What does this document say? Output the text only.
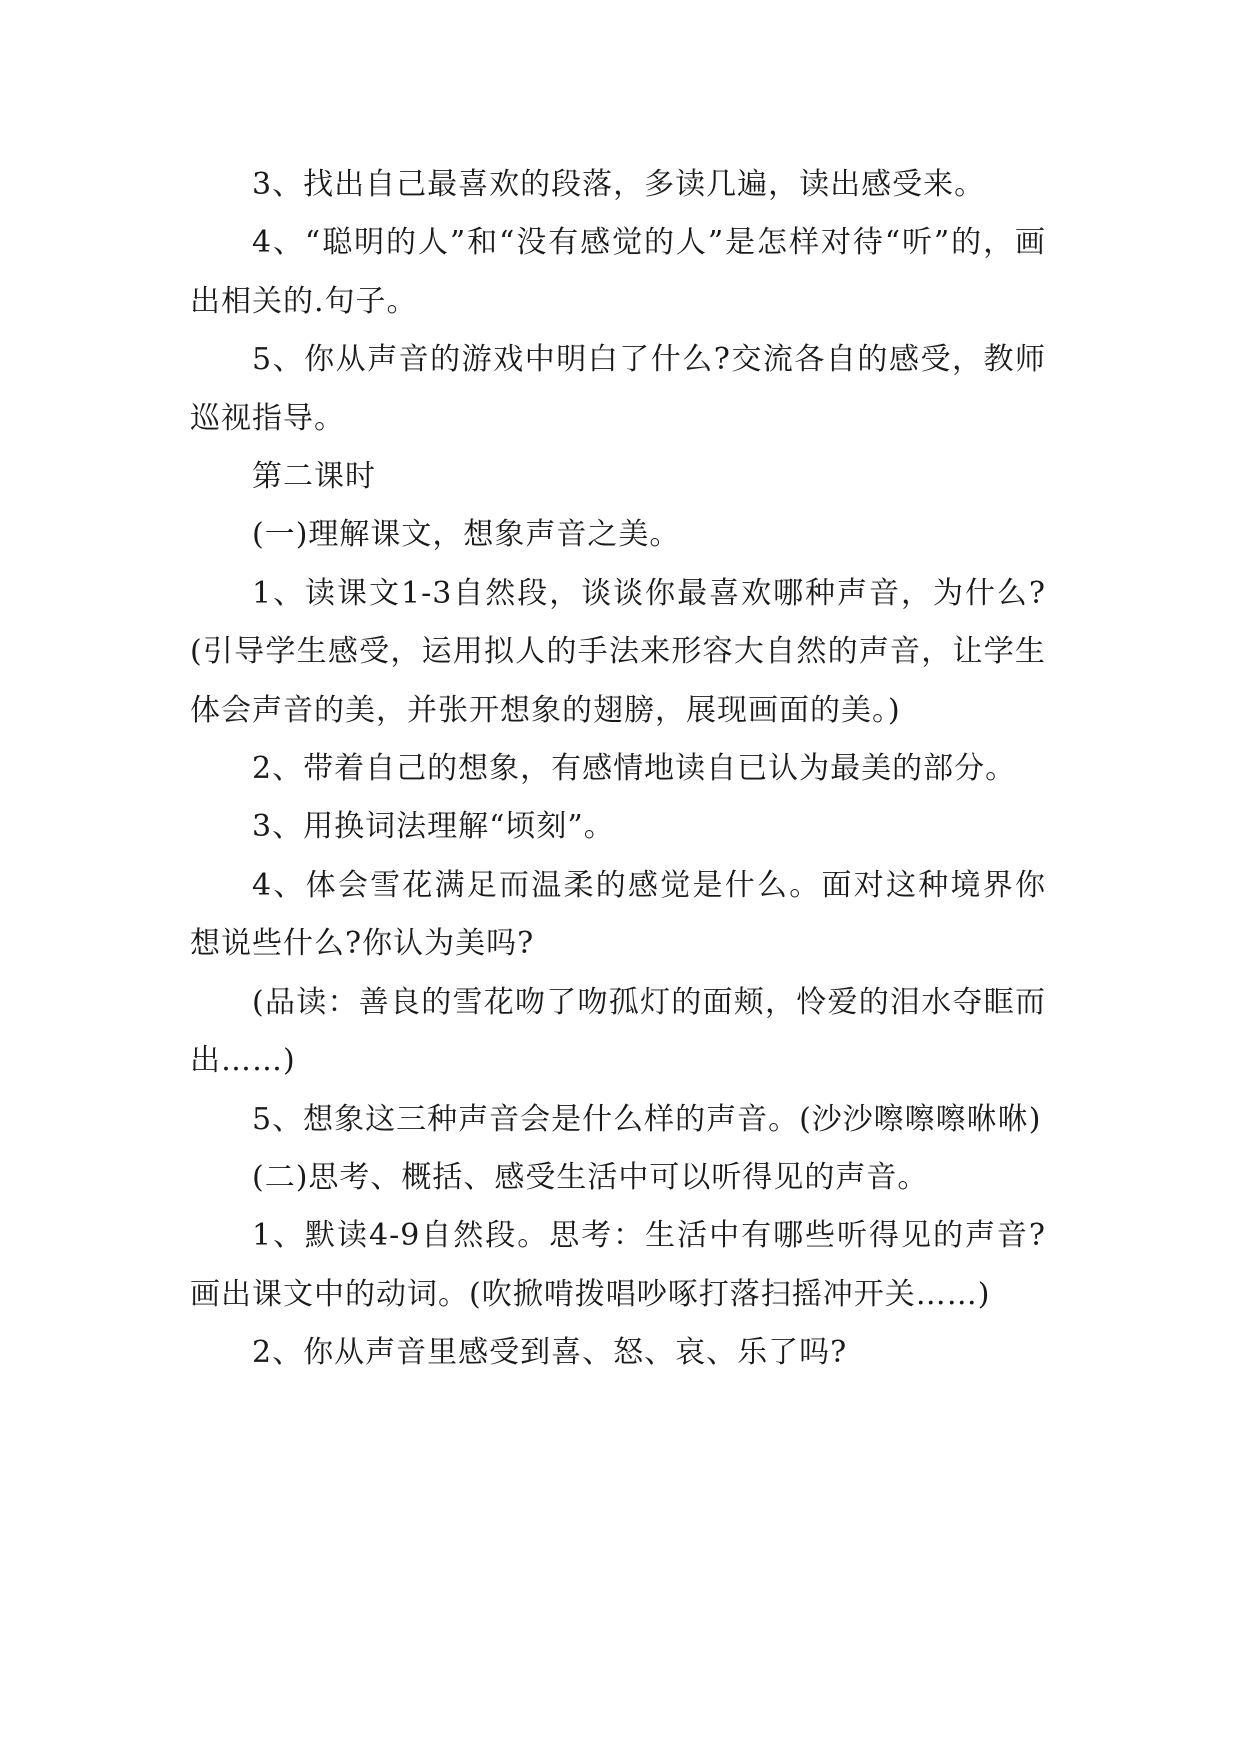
3、找出自己最喜欢的段落，多读几遍，读出感受来。

4、“聪明的人”和“没有感觉的人”是怎样对待“听”的，画出相关的.句子。

5、你从声音的游戏中明白了什么?交流各自的感受，教师巡视指导。

第二课时

(一)理解课文，想象声音之美。

1、读课文1-3自然段，谈谈你最喜欢哪种声音，为什么?(引导学生感受，运用拟人的手法来形容大自然的声音，让学生体会声音的美，并张开想象的翅膀，展现画面的美。)

2、带着自己的想象，有感情地读自已认为最美的部分。

3、用换词法理解“顷刻”。

4、体会雪花满足而温柔的感觉是什么。面对这种境界你想说些什么?你认为美吗?

(品读：善良的雪花吻了吻孤灯的面颊，怜爱的泪水夺眶而出……)

5、想象这三种声音会是什么样的声音。(沙沙嚓嚓嚓咻咻)

(二)思考、概括、感受生活中可以听得见的声音。

1、默读4-9自然段。思考：生活中有哪些听得见的声音?画出课文中的动词。(吹掀啃拨唱吵啄打落扫摇冲开关……)

2、你从声音里感受到喜、怒、哀、乐了吗?
